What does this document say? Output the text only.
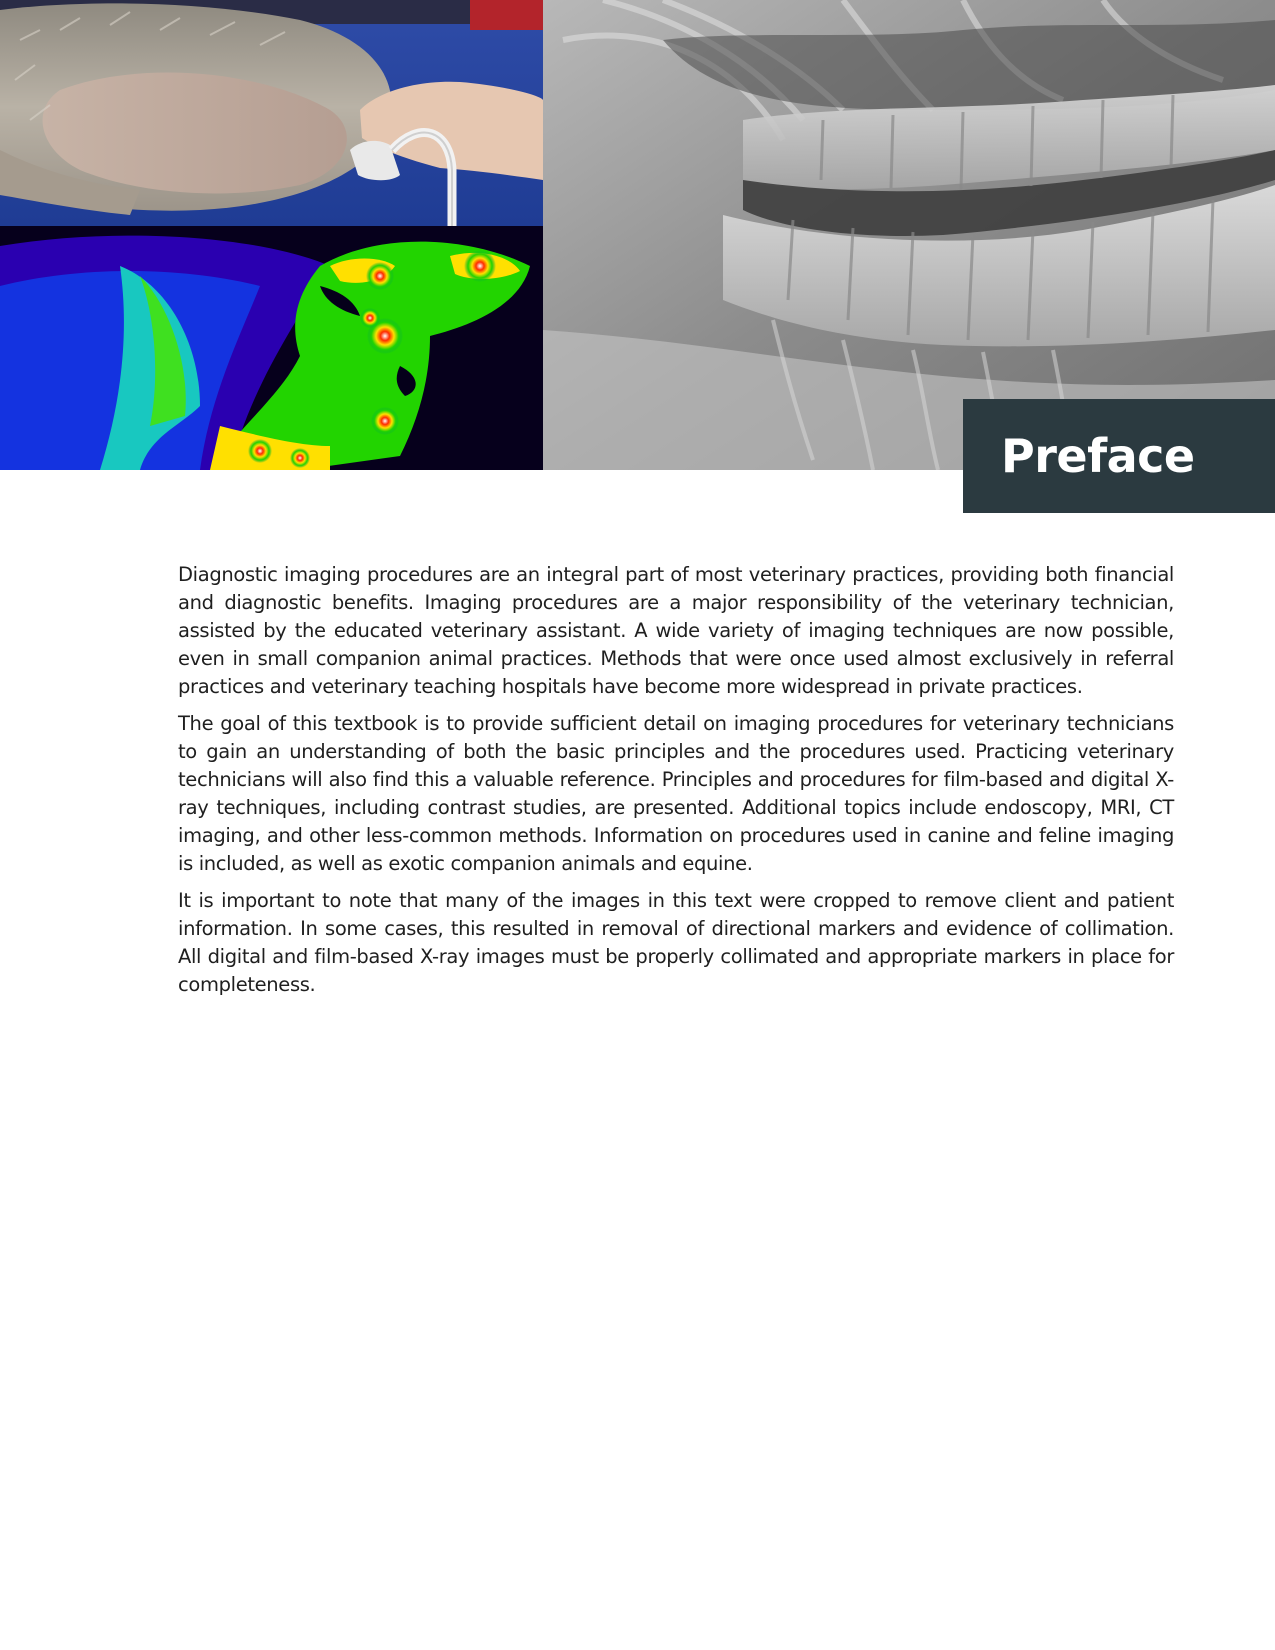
Preface

Diagnostic imaging procedures are an integral part of most veterinary practices, providing both financial and diagnostic benefits. Imaging procedures are a major responsibility of the veterinary technician, assisted by the educated veterinary assistant. A wide variety of imaging techniques are now possible, even in small companion animal practices. Methods that were once used almost exclusively in referral practices and veterinary teaching hospitals have become more widespread in private practices.

The goal of this textbook is to provide sufficient detail on imaging procedures for veterinary technicians to gain an understanding of both the basic principles and the procedures used. Practicing veterinary technicians will also find this a valuable reference. Principles and procedures for film-based and digital X-ray techniques, including contrast studies, are presented. Additional topics include endoscopy, MRI, CT imaging, and other less-common methods. Information on procedures used in canine and feline imaging is included, as well as exotic companion animals and equine.

It is important to note that many of the images in this text were cropped to remove client and patient information. In some cases, this resulted in removal of directional markers and evidence of collimation. All digital and film-based X-ray images must be properly collimated and appropriate markers in place for completeness.
